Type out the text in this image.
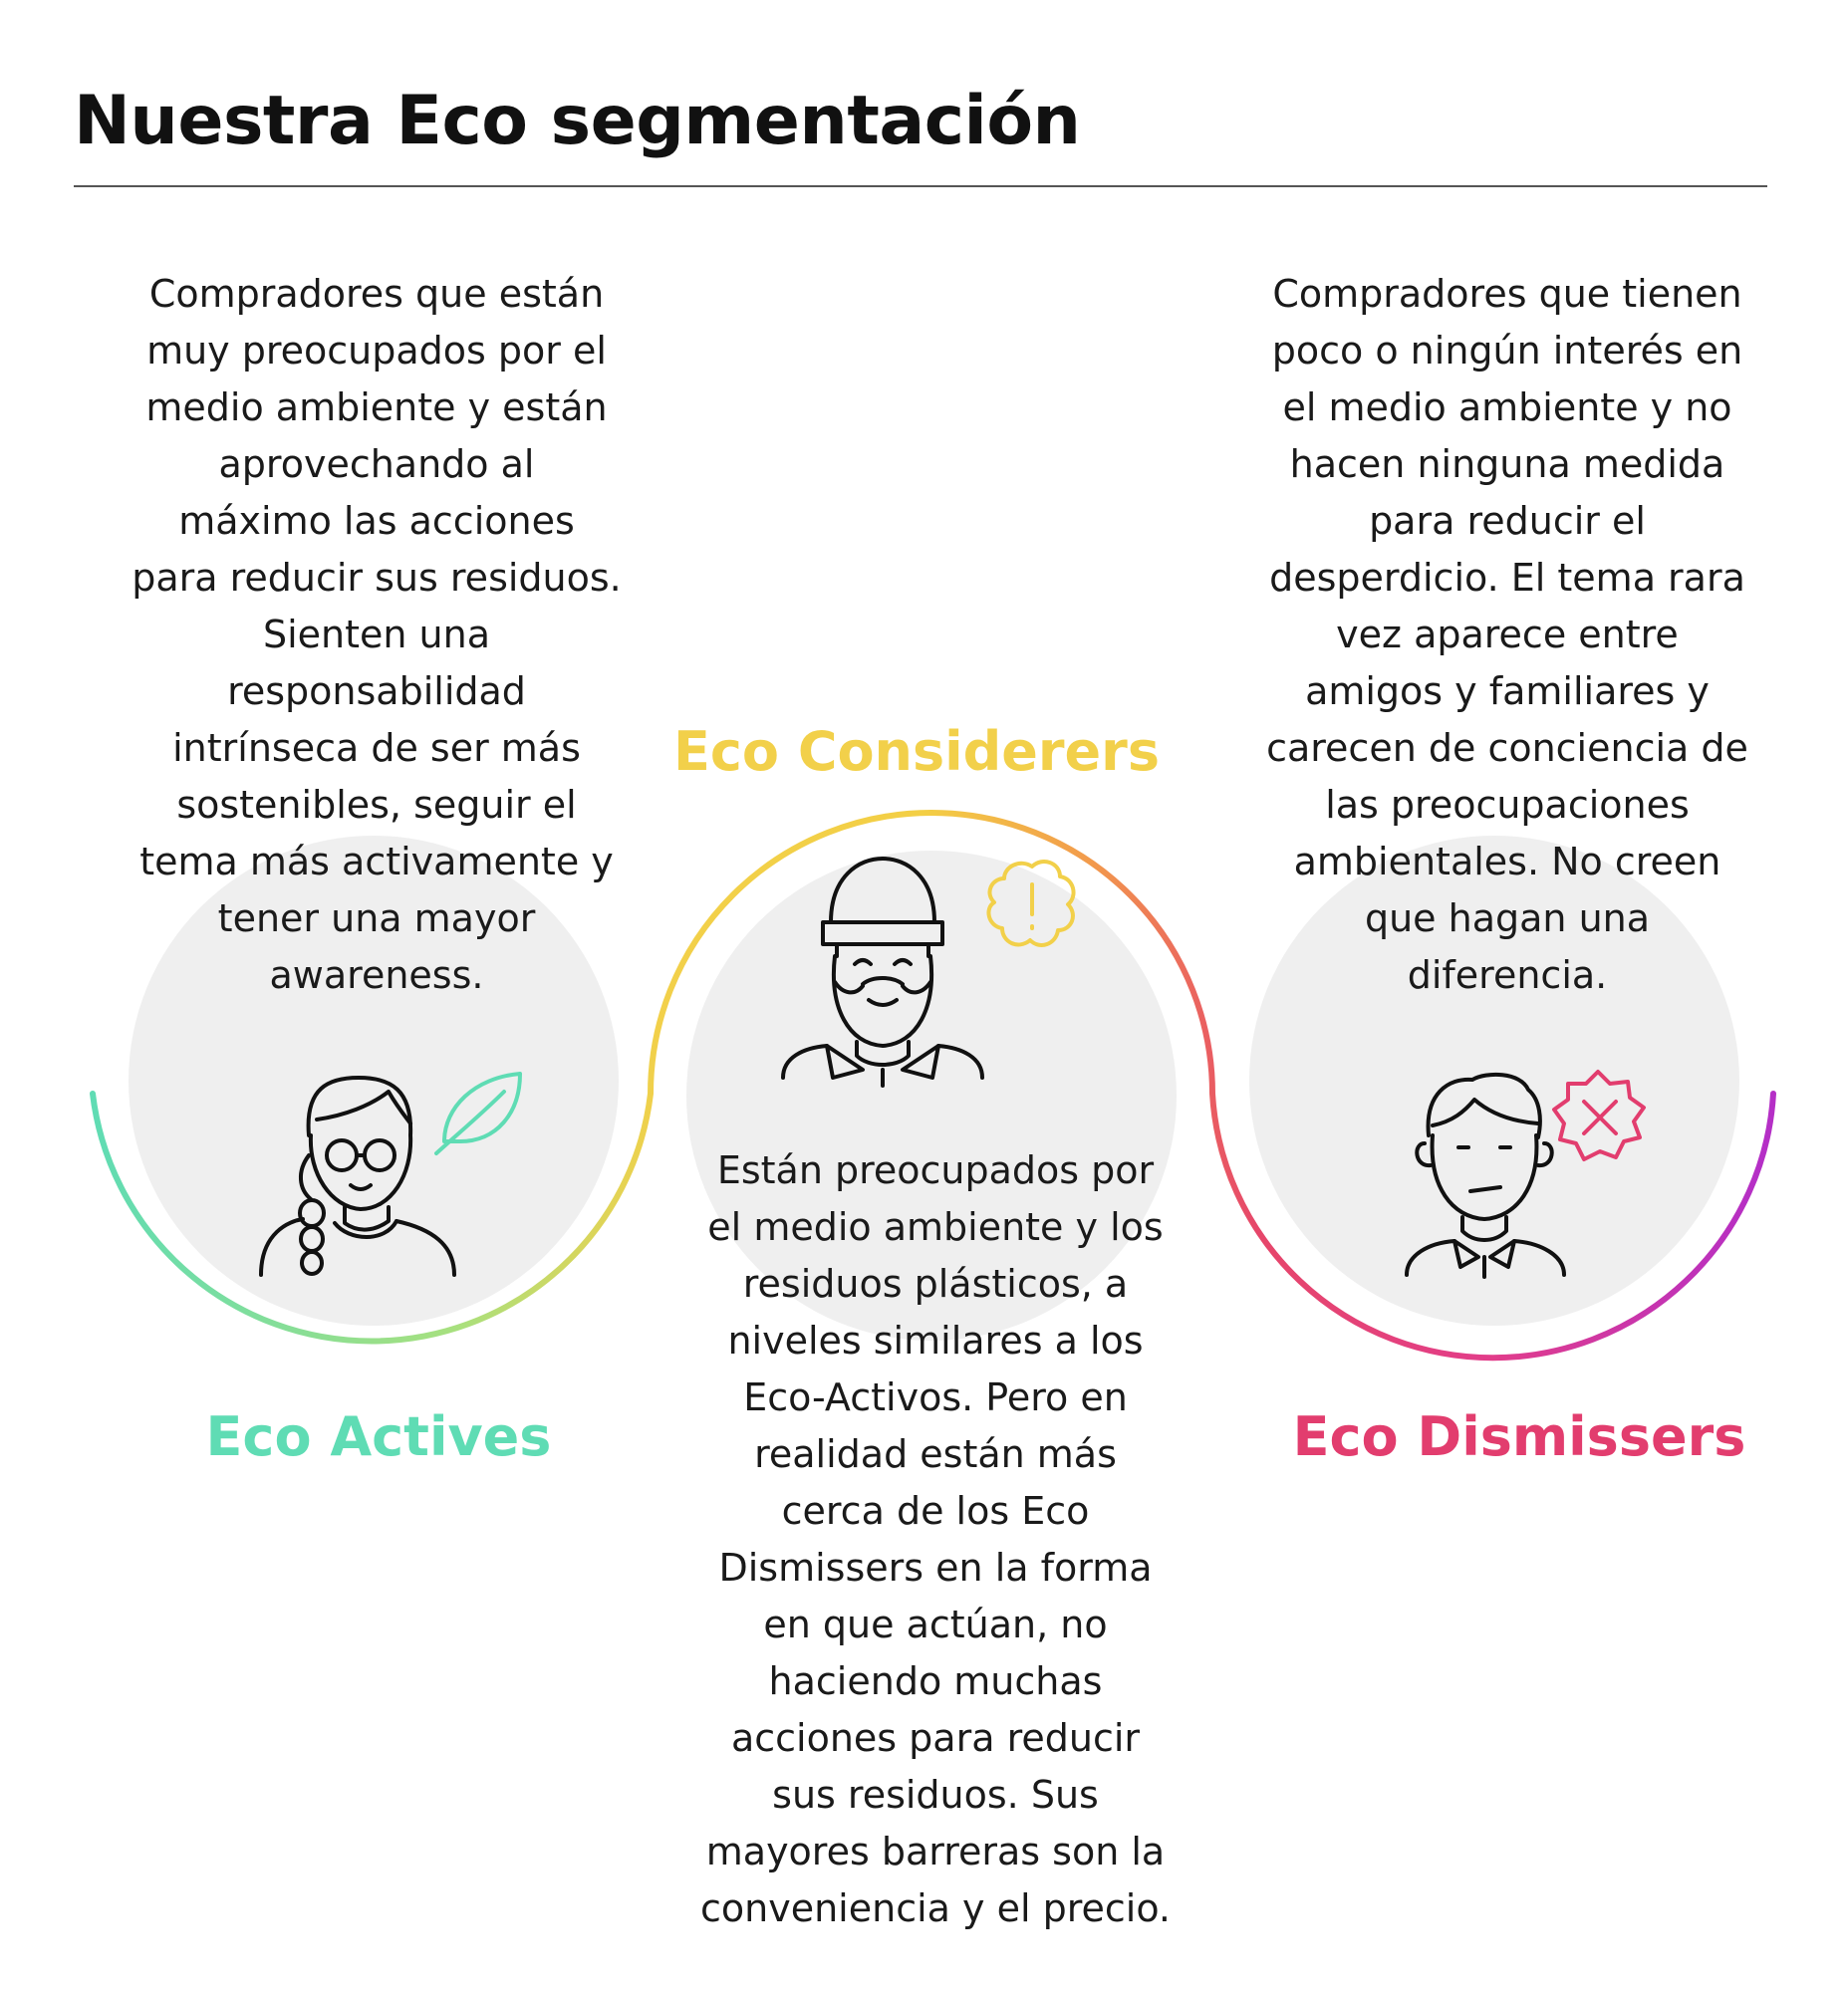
Nuestra Eco segmentación

Compradores que están
muy preocupados por el
medio ambiente y están
aprovechando al
máximo las acciones
para reducir sus residuos.
Sienten una
responsabilidad
intrínseca de ser más
sostenibles, seguir el
tema más activamente y
tener una mayor
awareness.

Compradores que tienen
poco o ningún interés en
el medio ambiente y no
hacen ninguna medida
para reducir el
desperdicio. El tema rara
vez aparece entre
amigos y familiares y
carecen de conciencia de
las preocupaciones
ambientales. No creen
que hagan una
diferencia.

Están preocupados por
el medio ambiente y los
residuos plásticos, a
niveles similares a los
Eco-Activos. Pero en
realidad están más
cerca de los Eco
Dismissers en la forma
en que actúan, no
haciendo muchas
acciones para reducir
sus residuos. Sus
mayores barreras son la
conveniencia y el precio.

Eco Considerers

Eco Actives	Eco Dismissers
